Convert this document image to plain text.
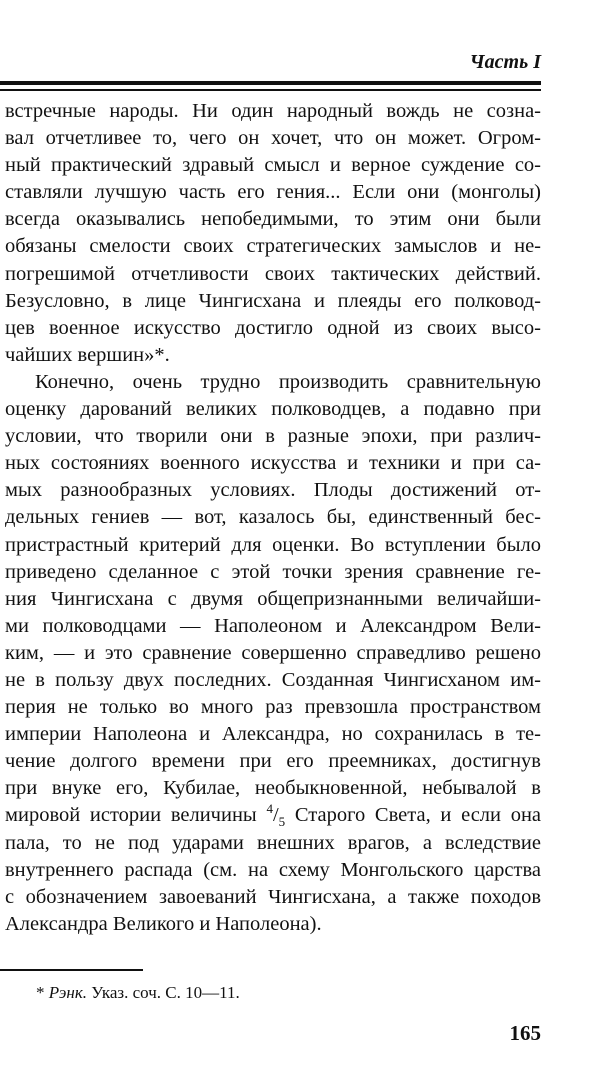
Часть I
встречные народы. Ни один народный вождь не созна-
вал отчетливее то, чего он хочет, что он может. Огром-
ный практический здравый смысл и верное суждение со-
ставляли лучшую часть его гения... Если они (монголы)
всегда оказывались непобедимыми, то этим они были
обязаны смелости своих стратегических замыслов и не-
погрешимой отчетливости своих тактических действий.
Безусловно, в лице Чингисхана и плеяды его полковод-
цев военное искусство достигло одной из своих высо-
чайших вершин»*.
Конечно, очень трудно производить сравнительную
оценку дарований великих полководцев, а подавно при
условии, что творили они в разные эпохи, при различ-
ных состояниях военного искусства и техники и при са-
мых разнообразных условиях. Плоды достижений от-
дельных гениев — вот, казалось бы, единственный бес-
пристрастный критерий для оценки. Во вступлении было
приведено сделанное с этой точки зрения сравнение ге-
ния Чингисхана с двумя общепризнанными величайши-
ми полководцами — Наполеоном и Александром Вели-
ким, — и это сравнение совершенно справедливо решено
не в пользу двух последних. Созданная Чингисханом им-
перия не только во много раз превзошла пространством
империи Наполеона и Александра, но сохранилась в те-
чение долгого времени при его преемниках, достигнув
при внуке его, Кубилае, необыкновенной, небывалой в
мировой истории величины $^4/_5$ Старого Света, и если она
пала, то не под ударами внешних врагов, а вследствие
внутреннего распада (см. на схему Монгольского царства
с обозначением завоеваний Чингисхана, а также походов
Александра Великого и Наполеона).
* Рэнк. Указ. соч. С. 10—11.
165
